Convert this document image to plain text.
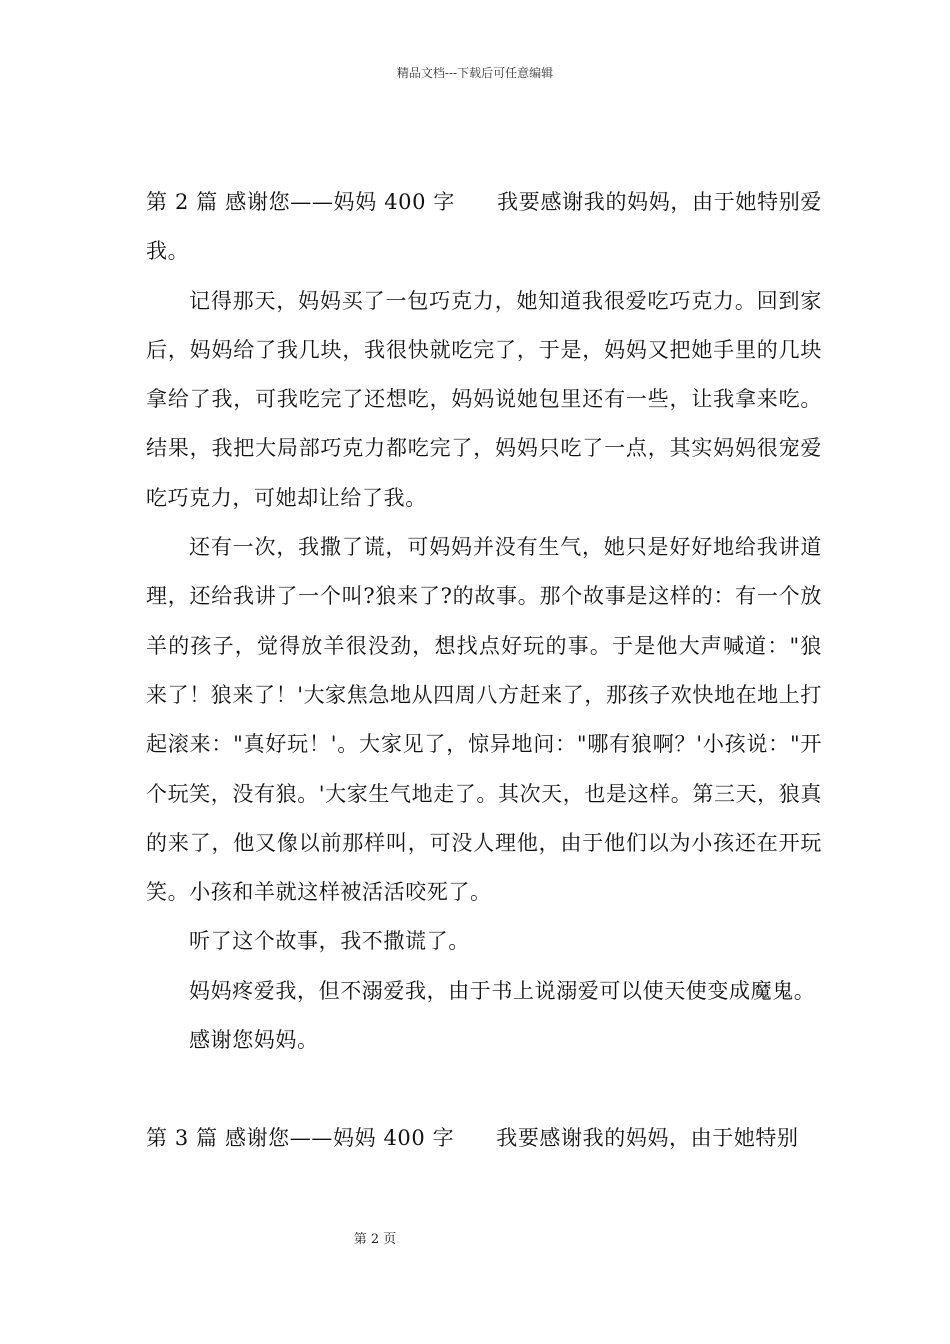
精品文档---下载后可任意编辑

第 2 篇 感谢您——妈妈 400 字 我要感谢我的妈妈，由于她特别爱我。

记得那天，妈妈买了一包巧克力，她知道我很爱吃巧克力。回到家后，妈妈给了我几块，我很快就吃完了，于是，妈妈又把她手里的几块拿给了我，可我吃完了还想吃，妈妈说她包里还有一些，让我拿来吃。结果，我把大局部巧克力都吃完了，妈妈只吃了一点，其实妈妈很宠爱吃巧克力，可她却让给了我。

还有一次，我撒了谎，可妈妈并没有生气，她只是好好地给我讲道理，还给我讲了一个叫?狼来了?的故事。那个故事是这样的：有一个放羊的孩子，觉得放羊很没劲，想找点好玩的事。于是他大声喊道："狼来了！狼来了！'大家焦急地从四周八方赶来了，那孩子欢快地在地上打起滚来："真好玩！'。大家见了，惊异地问："哪有狼啊？'小孩说："开个玩笑，没有狼。'大家生气地走了。其次天，也是这样。第三天，狼真的来了，他又像以前那样叫，可没人理他，由于他们以为小孩还在开玩笑。小孩和羊就这样被活活咬死了。

听了这个故事，我不撒谎了。

妈妈疼爱我，但不溺爱我，由于书上说溺爱可以使天使变成魔鬼。

感谢您妈妈。

第 3 篇 感谢您——妈妈 400 字 我要感谢我的妈妈，由于她特别

第 2 页
